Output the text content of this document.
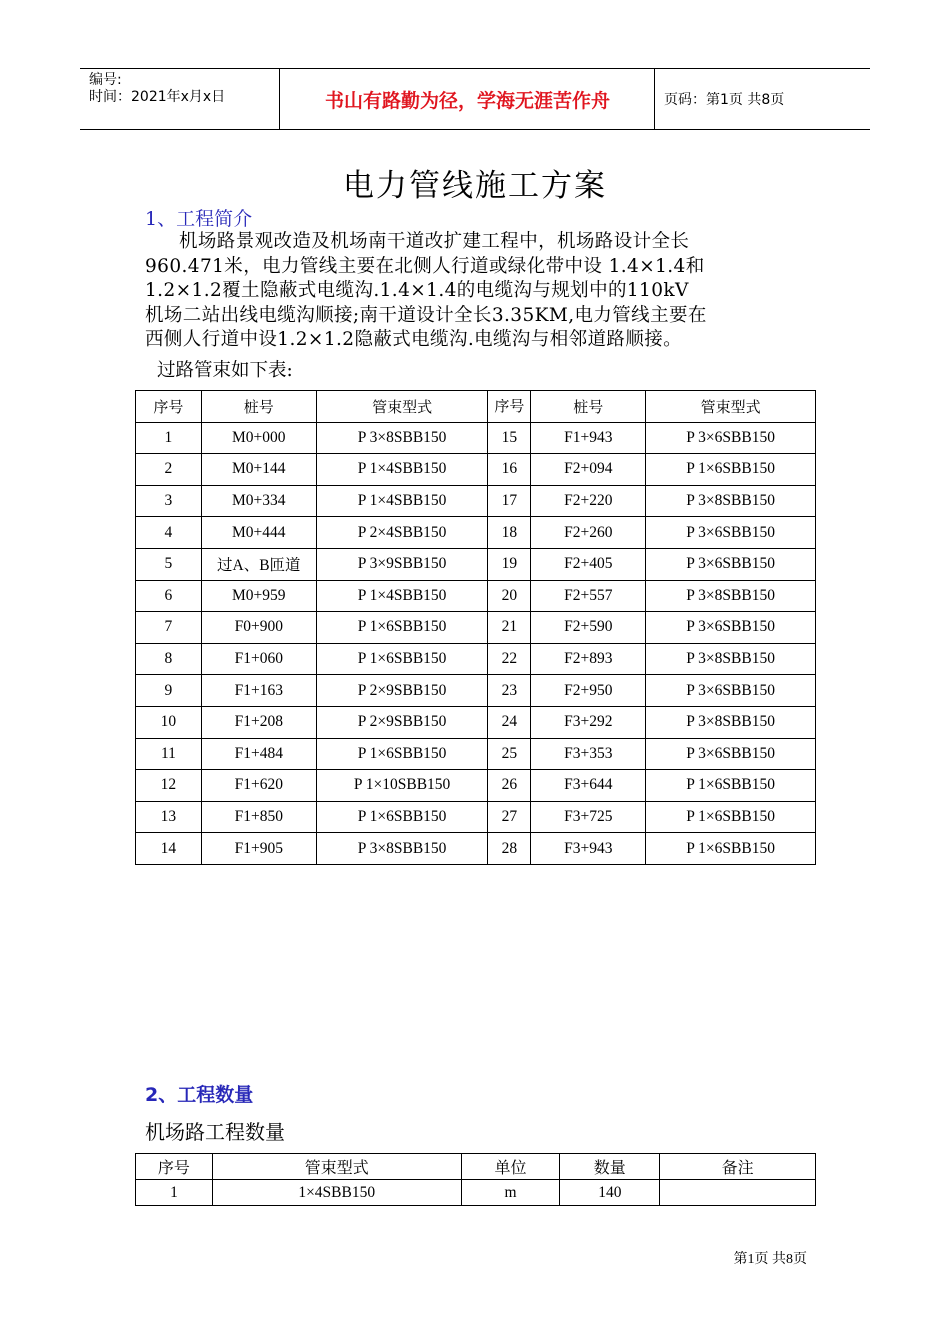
编号:
时间：2021年x月x日	书山有路勤为径，学海无涯苦作舟	页码：第1页 共8页
电力管线施工方案
1、工程简介
机场路景观改造及机场南干道改扩建工程中，机场路设计全长
960.471米，电力管线主要在北侧人行道或绿化带中设 1.4×1.4和
1.2×1.2覆土隐蔽式电缆沟.1.4×1.4的电缆沟与规划中的110kV
机场二站出线电缆沟顺接;南干道设计全长3.35KM,电力管线主要在
西侧人行道中设1.2×1.2隐蔽式电缆沟.电缆沟与相邻道路顺接。
过路管束如下表:
序号	桩号	管束型式	序号	桩号	管束型式
1	M0+000	P 3×8SBB150	15	F1+943	P 3×6SBB150
2	M0+144	P 1×4SBB150	16	F2+094	P 1×6SBB150
3	M0+334	P 1×4SBB150	17	F2+220	P 3×8SBB150
4	M0+444	P 2×4SBB150	18	F2+260	P 3×6SBB150
5	过A、B匝道	P 3×9SBB150	19	F2+405	P 3×6SBB150
6	M0+959	P 1×4SBB150	20	F2+557	P 3×8SBB150
7	F0+900	P 1×6SBB150	21	F2+590	P 3×6SBB150
8	F1+060	P 1×6SBB150	22	F2+893	P 3×8SBB150
9	F1+163	P 2×9SBB150	23	F2+950	P 3×6SBB150
10	F1+208	P 2×9SBB150	24	F3+292	P 3×8SBB150
11	F1+484	P 1×6SBB150	25	F3+353	P 3×6SBB150
12	F1+620	P 1×10SBB150	26	F3+644	P 1×6SBB150
13	F1+850	P 1×6SBB150	27	F3+725	P 1×6SBB150
14	F1+905	P 3×8SBB150	28	F3+943	P 1×6SBB150
2、工程数量
机场路工程数量
序号	管束型式	单位	数量	备注
1	1×4SBB150	m	140	
第1页 共8页
